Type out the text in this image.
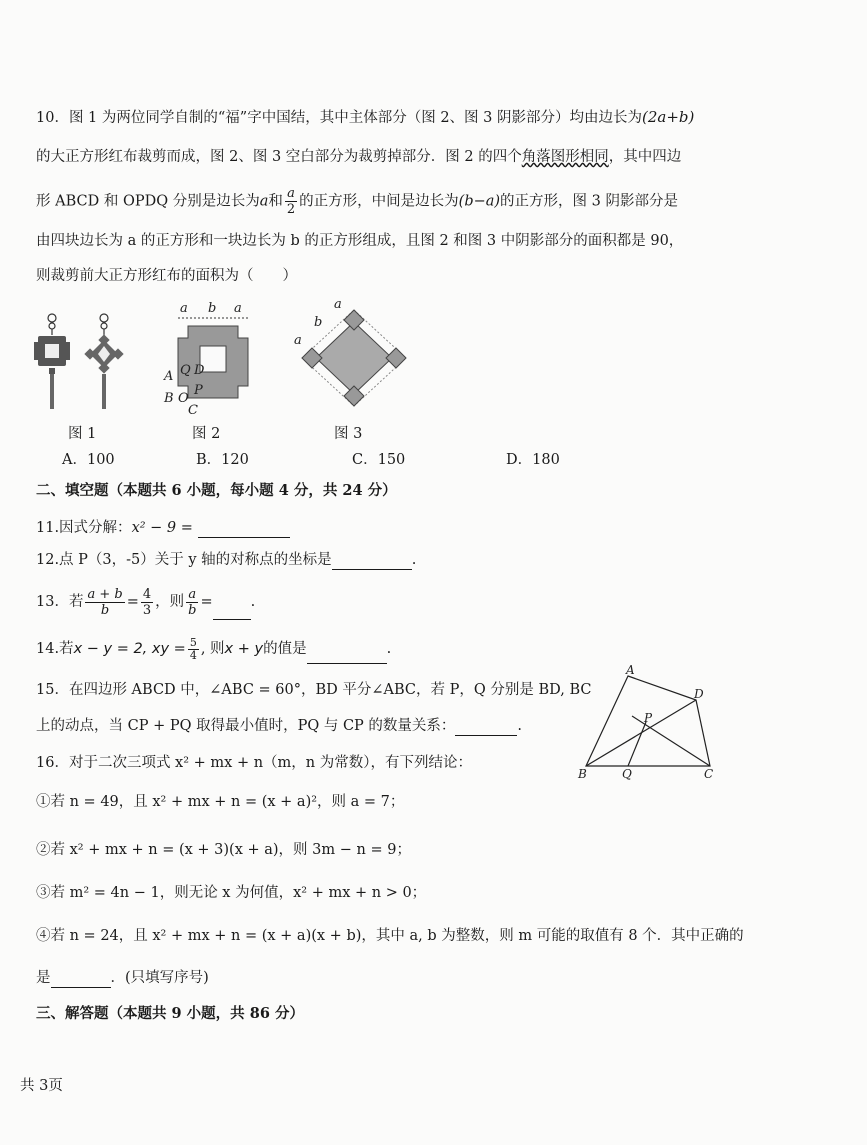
10．图 1 为两位同学自制的“福”字中国结，其中主体部分（图 2、图 3 阴影部分）均由边长为(2a+b)
的大正方形红布裁剪而成，图 2、图 3 空白部分为裁剪掉部分．图 2 的四个角落图形相同，其中四边
形 ABCD 和 OPDQ 分别是边长为a和 $\frac{a}{2}$ 的正方形，中间是边长为(b−a)的正方形，图 3 阴影部分是
由四块边长为 a 的正方形和一块边长为 b 的正方形组成，且图 2 和图 3 中阴影部分的面积都是 90，
则裁剪前大正方形红布的面积为（　　）
a b a
A Q D
B O
P
C
a
b
a
图 1	图 2	图 3
A．100	B．120	C．150	D．180
二、填空题（本题共 6 小题，每小题 4 分，共 24 分）
11.因式分解：x² − 9 =
12.点 P（3，-5）关于 y 轴的对称点的坐标是	.
13．若 $\frac{a + b}{b} = \frac{4}{3}$ ，则 $\frac{a}{b}$ =	.
14.若x − y = 2, xy = $\frac{5}{4}$ , 则x + y的值是	.
15．在四边形 ABCD 中，∠ABC = 60°，BD 平分∠ABC，若 P，Q 分别是 BD, BC
上的动点，当 CP + PQ 取得最小值时，PQ 与 CP 的数量关系：	.
A
D
P
B	Q	C
16．对于二次三项式 x² + mx + n（m，n 为常数），有下列结论：
①若 n = 49，且 x² + mx + n = (x + a)²，则 a = 7；
②若 x² + mx + n = (x + 3)(x + a)，则 3m − n = 9；
③若 m² = 4n − 1，则无论 x 为何值，x² + mx + n > 0；
④若 n = 24，且 x² + mx + n = (x + a)(x + b)，其中 a, b 为整数，则 m 可能的取值有 8 个．其中正确的
是	．(只填写序号)
三、解答题（本题共 9 小题，共 86 分）
共 3页
